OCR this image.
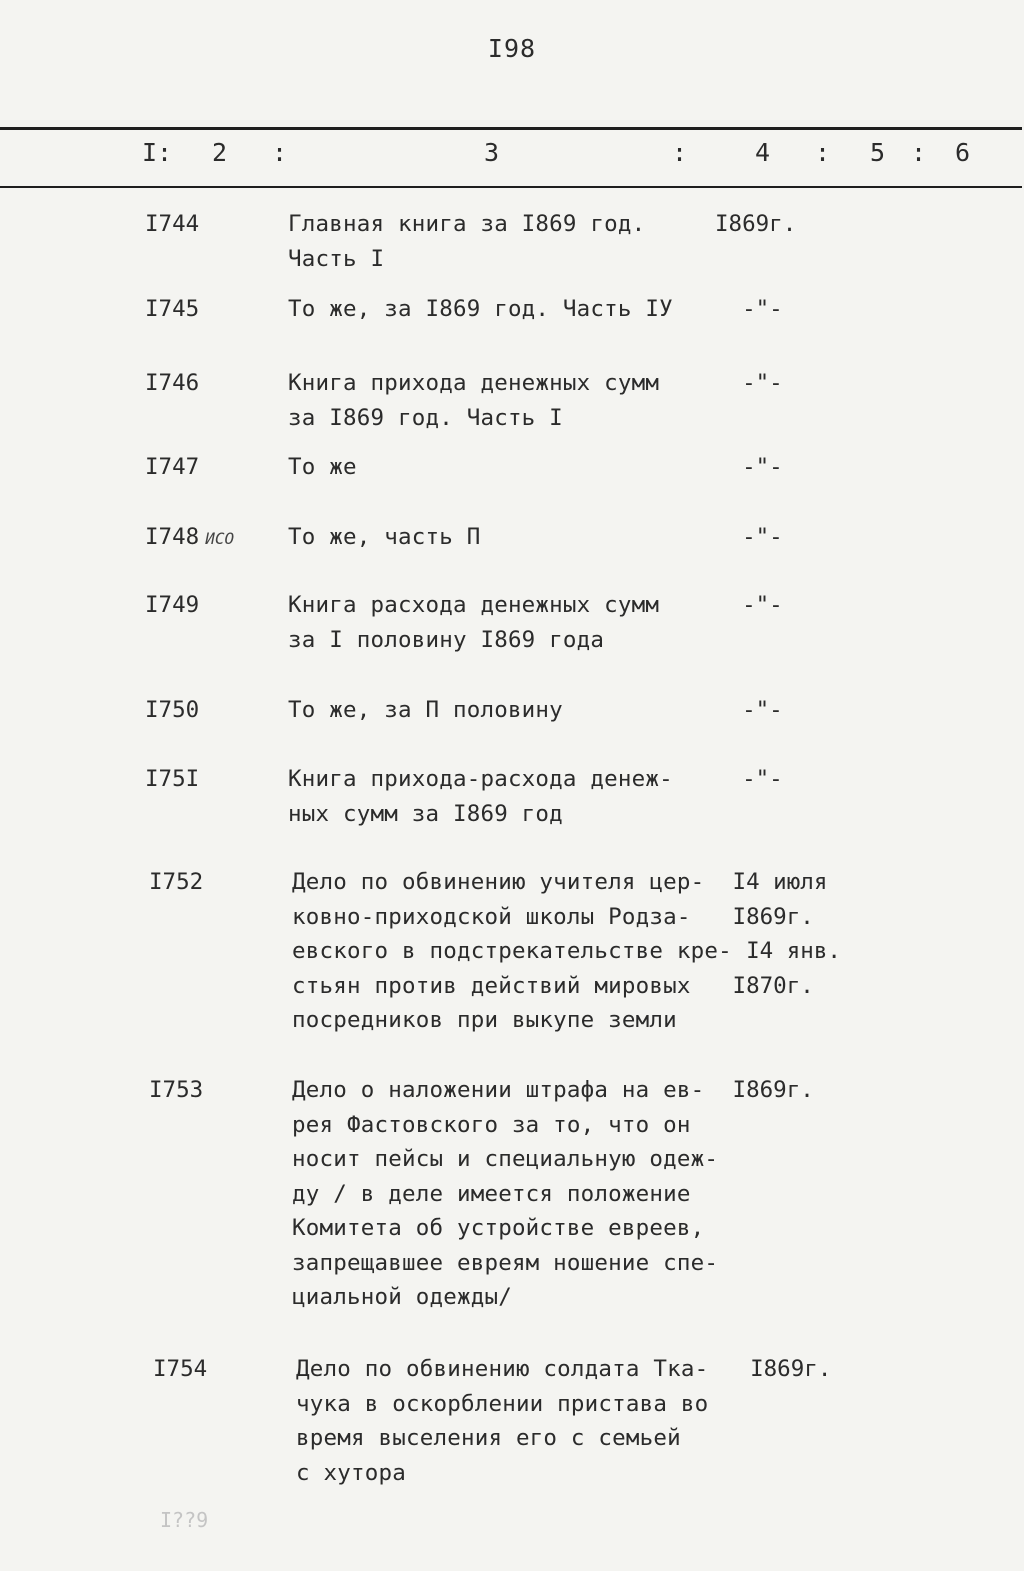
I98
I: 2 :	3	:	4 : 5 : 6
I744	Главная книга за I869 год.
Часть I
I869г.
I745	То же, за I869 год. Часть IУ -"-
I746	Книга прихода денежных сумм
за I869 год. Часть I
-"-
I747	То же	-"-
I748 ИСО То же, часть П	-"-
I749	Книга расхода денежных сумм
за I половину I869 года
-"-
I750	То же, за П половину	-"-
I75I	Книга прихода-расхода денеж-
ных сумм за I869 год
-"-
I752	Дело по обвинению учителя цер-
ковно-приходской школы Родза-
евского в подстрекательстве кре-
стьян против действий мировых
посредников при выкупе земли
I4 июля
I869г.
I4 янв.
I870г.
I753	Дело о наложении штрафа на ев-
рея Фастовского за то, что он
носит пейсы и специальную одеж-
ду / в деле имеется положение
Комитета об устройстве евреев,
запрещавшее евреям ношение спе-
циальной одежды/
I869г.
I754	Дело по обвинению солдата Тка-
чука в оскорблении пристава во
время выселения его с семьей
с хутора
I869г.
I??9
